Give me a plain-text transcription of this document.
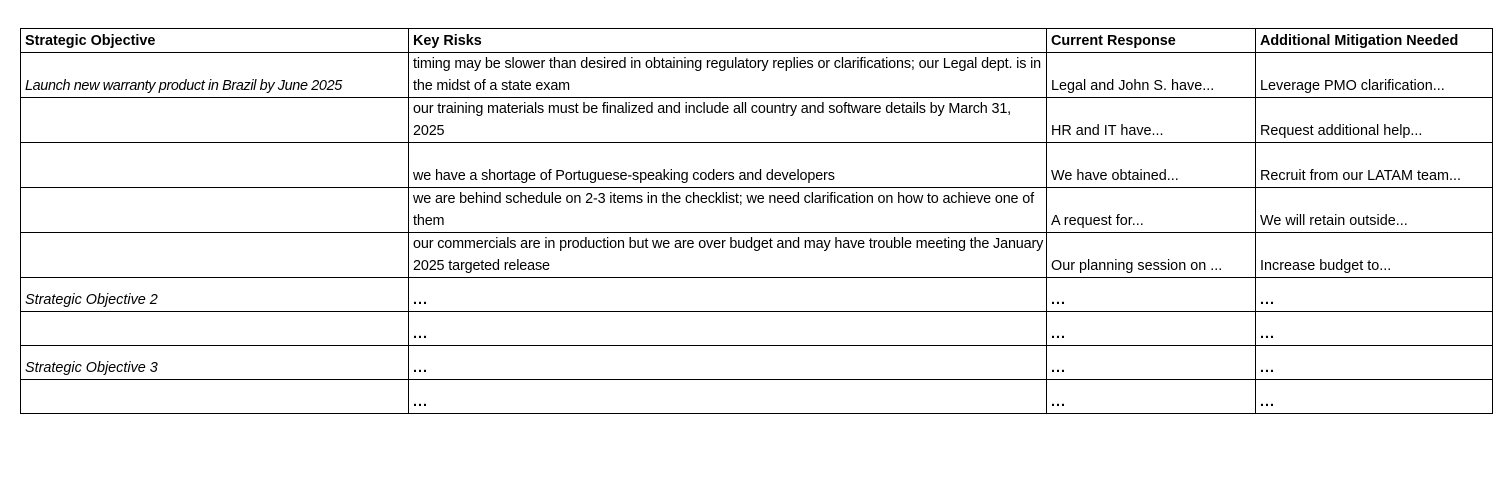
Strategic Objective	Key Risks	Current Response	Additional Mitigation Needed
Launch new warranty product in Brazil by June 2025	timing may be slower than desired in obtaining regulatory replies or clarifications; our Legal dept. is in the midst of a state exam	Legal and John S. have...	Leverage PMO clarification...
	our training materials must be finalized and include all country and software details by March 31, 2025	HR and IT have...	Request additional help...
	we have a shortage of Portuguese-speaking coders and developers	We have obtained...	Recruit from our LATAM team...
	we are behind schedule on 2-3 items in the checklist; we need clarification on how to achieve one of them	A request for...	We will retain outside...
	our commercials are in production but we are over budget and may have trouble meeting the January 2025 targeted release	Our planning session on ...	Increase budget to...
Strategic Objective 2	...	...	...
	...	...	...
Strategic Objective 3	...	...	...
	...	...	...
